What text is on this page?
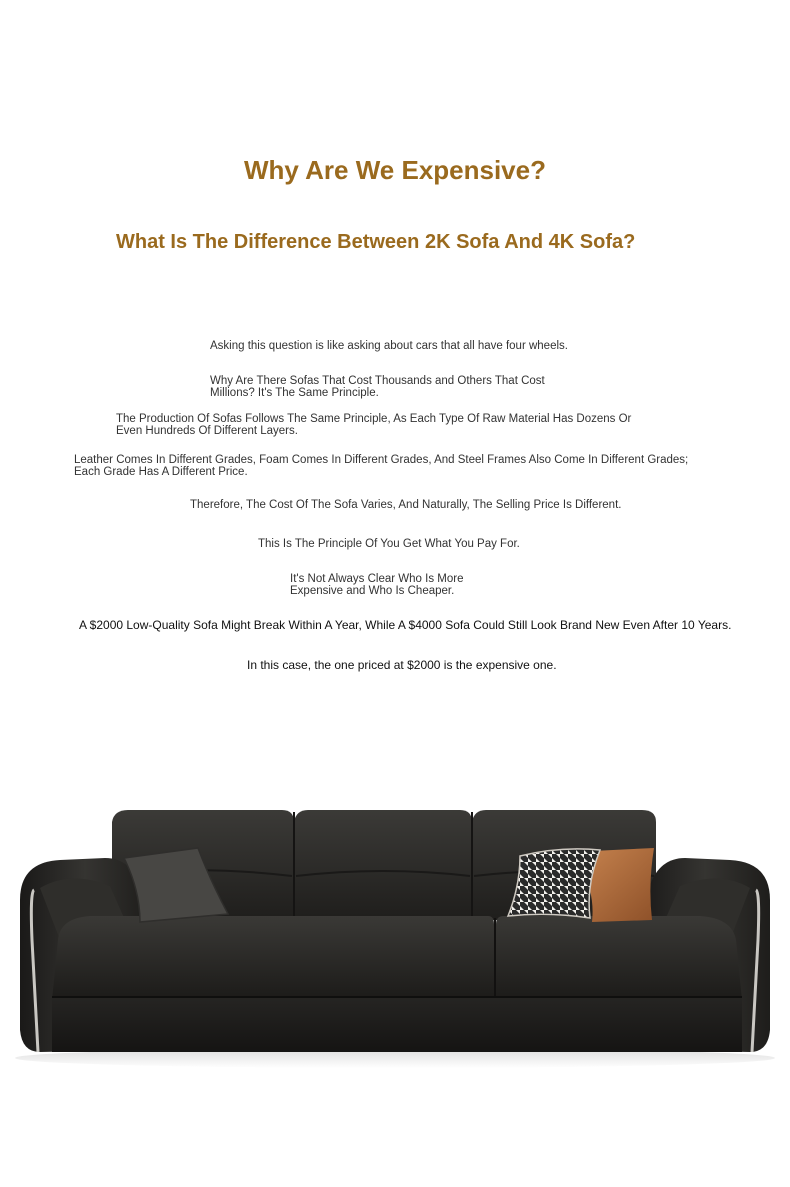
Why Are We Expensive?
What Is The Difference Between 2K Sofa And 4K Sofa?

Asking this question is like asking about cars that all have four wheels.

Why Are There Sofas That Cost Thousands and Others That Cost
Millions? It's The Same Principle.

The Production Of Sofas Follows The Same Principle, As Each Type Of Raw Material Has Dozens Or
Even Hundreds Of Different Layers.

Leather Comes In Different Grades, Foam Comes In Different Grades, And Steel Frames Also Come In Different Grades;
Each Grade Has A Different Price.

Therefore, The Cost Of The Sofa Varies, And Naturally, The Selling Price Is Different.

This Is The Principle Of You Get What You Pay For.

It's Not Always Clear Who Is More
Expensive and Who Is Cheaper.

A $2000 Low-Quality Sofa Might Break Within A Year, While A $4000 Sofa Could Still Look Brand New Even After 10 Years.

In this case, the one priced at $2000 is the expensive one.
